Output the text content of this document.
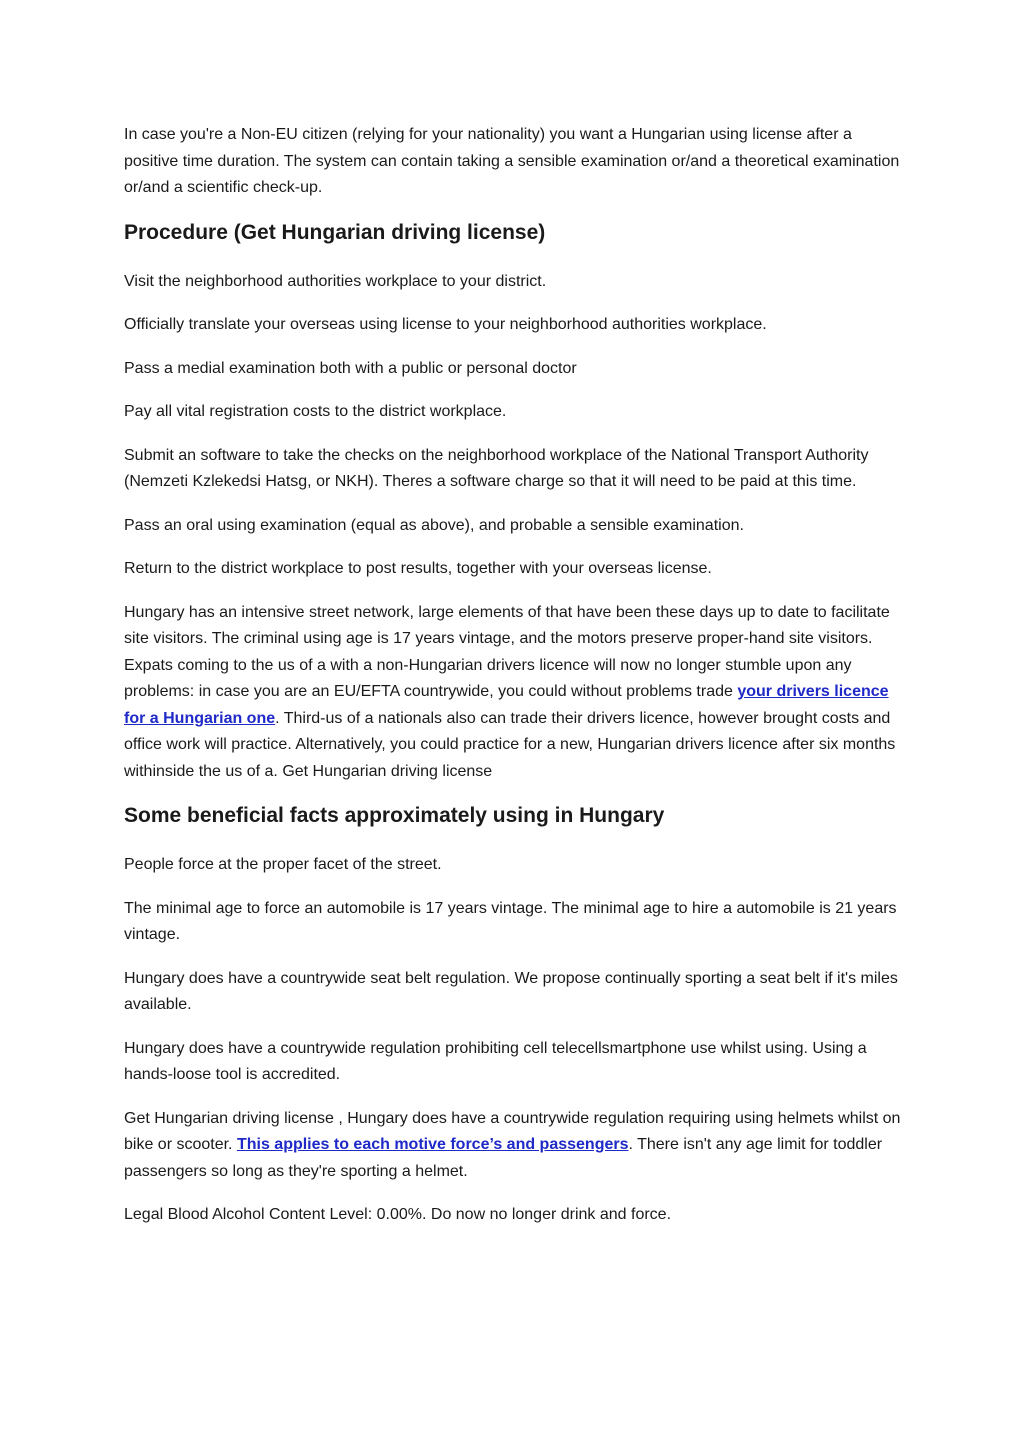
In case you're a Non-EU citizen (relying for your nationality) you want a Hungarian using license after a positive time duration. The system can contain taking a sensible examination or/and a theoretical examination or/and a scientific check-up.

Procedure (Get Hungarian driving license)

Visit the neighborhood authorities workplace to your district.

Officially translate your overseas using license to your neighborhood authorities workplace.

Pass a medial examination both with a public or personal doctor

Pay all vital registration costs to the district workplace.

Submit an software to take the checks on the neighborhood workplace of the National Transport Authority (Nemzeti Kzlekedsi Hatsg, or NKH). Theres a software charge so that it will need to be paid at this time.

Pass an oral using examination (equal as above), and probable a sensible examination.

Return to the district workplace to post results, together with your overseas license.

Hungary has an intensive street network, large elements of that have been these days up to date to facilitate site visitors. The criminal using age is 17 years vintage, and the motors preserve proper-hand site visitors. Expats coming to the us of a with a non-Hungarian drivers licence will now no longer stumble upon any problems: in case you are an EU/EFTA countrywide, you could without problems trade your drivers licence for a Hungarian one. Third-us of a nationals also can trade their drivers licence, however brought costs and office work will practice. Alternatively, you could practice for a new, Hungarian drivers licence after six months withinside the us of a. Get Hungarian driving license

Some beneficial facts approximately using in Hungary

People force at the proper facet of the street.

The minimal age to force an automobile is 17 years vintage. The minimal age to hire a automobile is 21 years vintage.

Hungary does have a countrywide seat belt regulation. We propose continually sporting a seat belt if it's miles available.

Hungary does have a countrywide regulation prohibiting cell telecellsmartphone use whilst using. Using a hands-loose tool is accredited.

Get Hungarian driving license , Hungary does have a countrywide regulation requiring using helmets whilst on bike or scooter. This applies to each motive force’s and passengers. There isn't any age limit for toddler passengers so long as they're sporting a helmet.

Legal Blood Alcohol Content Level: 0.00%. Do now no longer drink and force.
